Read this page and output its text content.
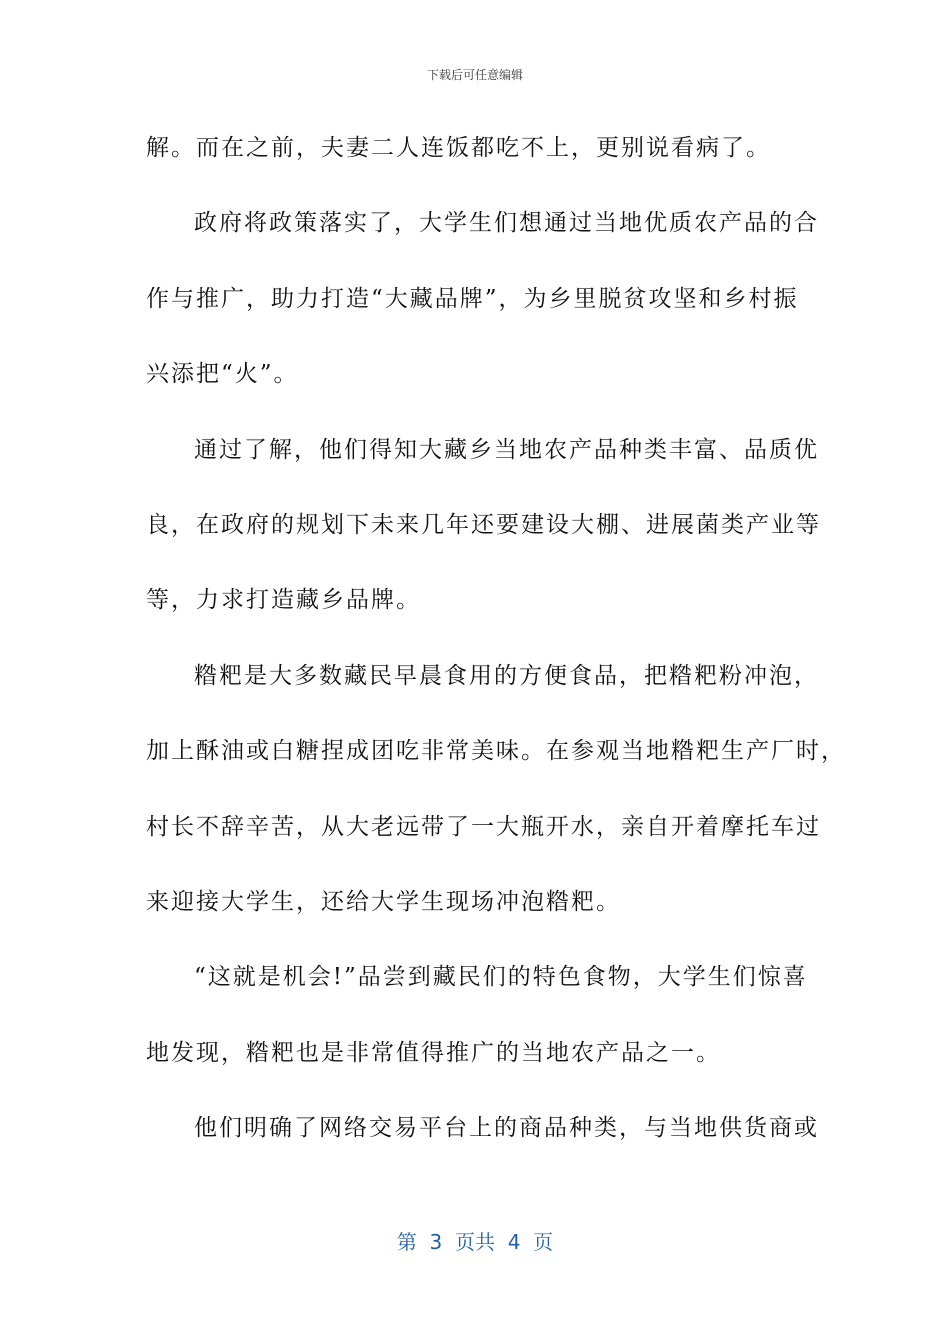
下载后可任意编辑
解。而在之前，夫妻二人连饭都吃不上，更别说看病了。
政府将政策落实了，大学生们想通过当地优质农产品的合
作与推广，助力打造“大藏品牌”，为乡里脱贫攻坚和乡村振
兴添把“火”。
通过了解，他们得知大藏乡当地农产品种类丰富、品质优
良，在政府的规划下未来几年还要建设大棚、进展菌类产业等
等，力求打造藏乡品牌。
糌粑是大多数藏民早晨食用的方便食品，把糌粑粉冲泡，
加上酥油或白糖捏成团吃非常美味。在参观当地糌粑生产厂时，
村长不辞辛苦，从大老远带了一大瓶开水，亲自开着摩托车过
来迎接大学生，还给大学生现场冲泡糌粑。
“这就是机会!”品尝到藏民们的特色食物，大学生们惊喜
地发现，糌粑也是非常值得推广的当地农产品之一。
他们明确了网络交易平台上的商品种类，与当地供货商或
第  3  页共  4  页
